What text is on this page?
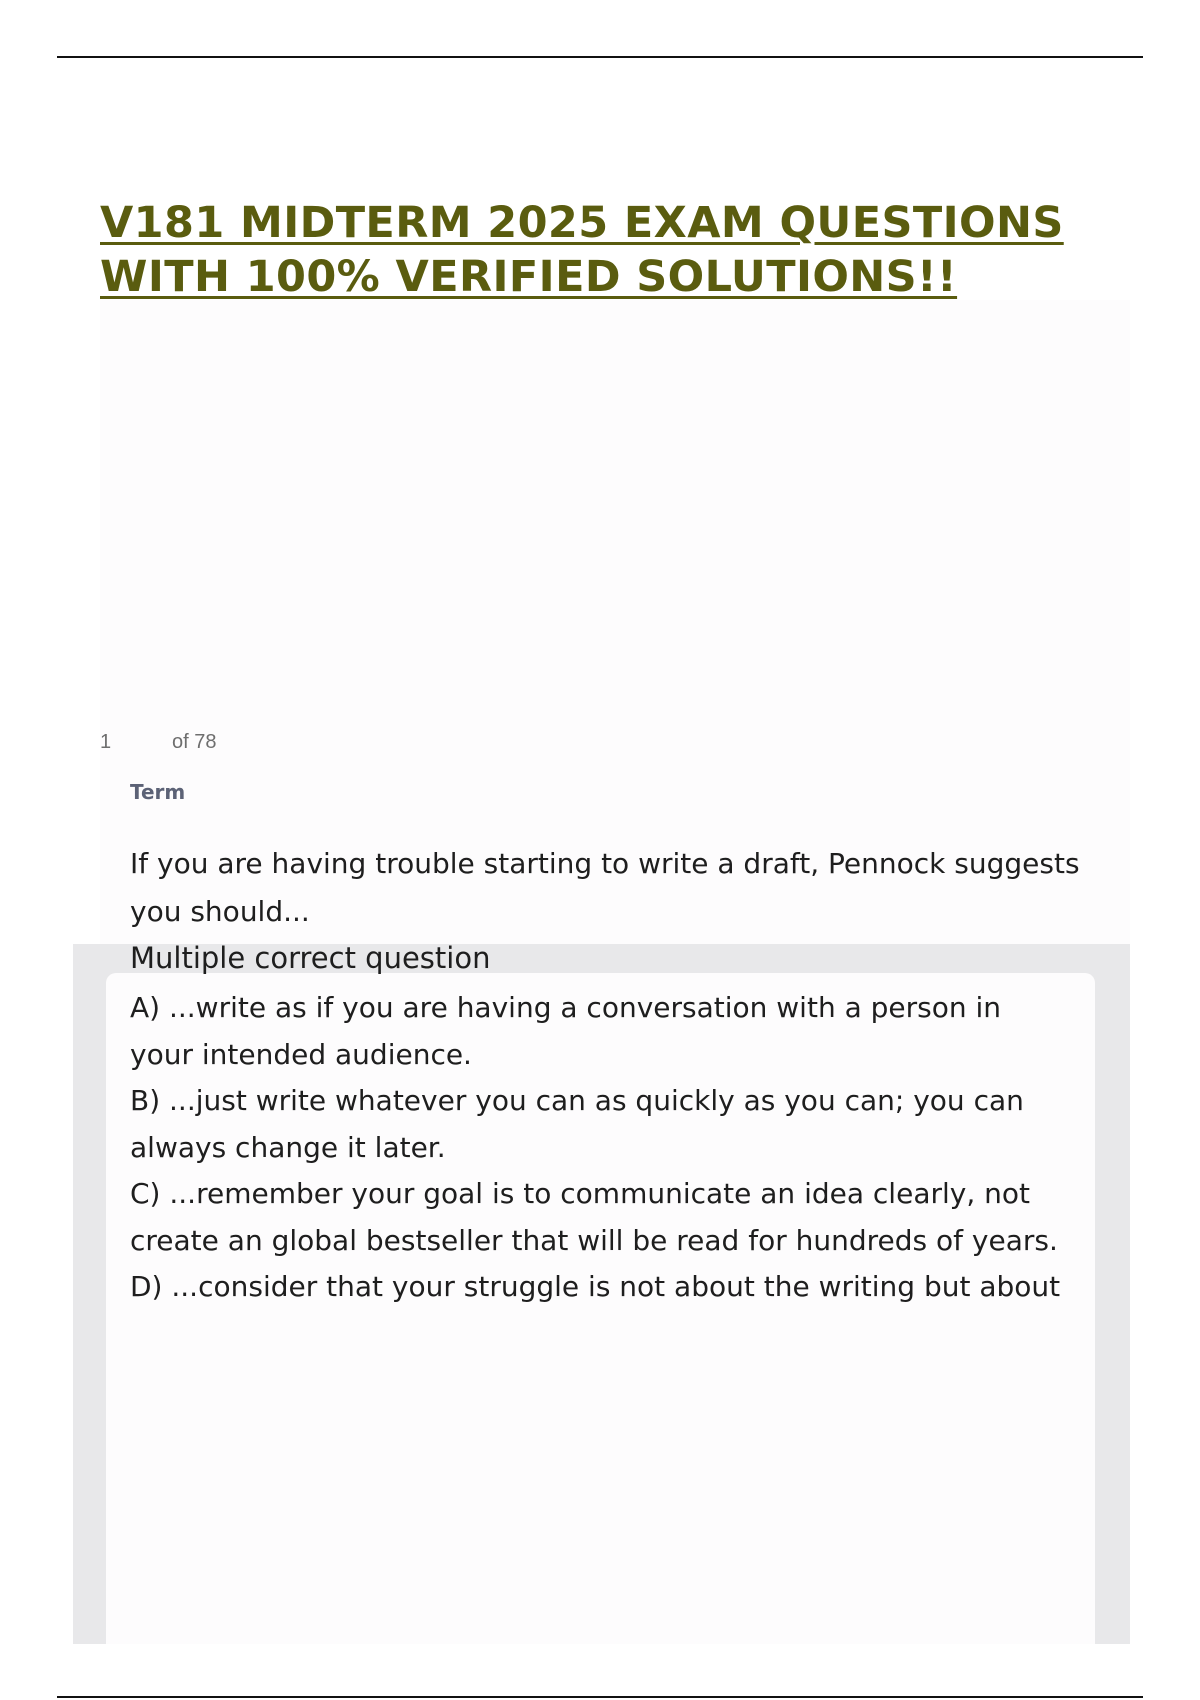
V181 MIDTERM 2025 EXAM QUESTIONS
WITH 100% VERIFIED SOLUTIONS!!
1	of 78
Term

If you are having trouble starting to write a draft, Pennock suggests you should...

Multiple correct question
A) ...write as if you are having a conversation with a person in your intended audience.
B) ...just write whatever you can as quickly as you can; you can always change it later.
C) ...remember your goal is to communicate an idea clearly, not create an global bestseller that will be read for hundreds of years.
D) ...consider that your struggle is not about the writing but about
